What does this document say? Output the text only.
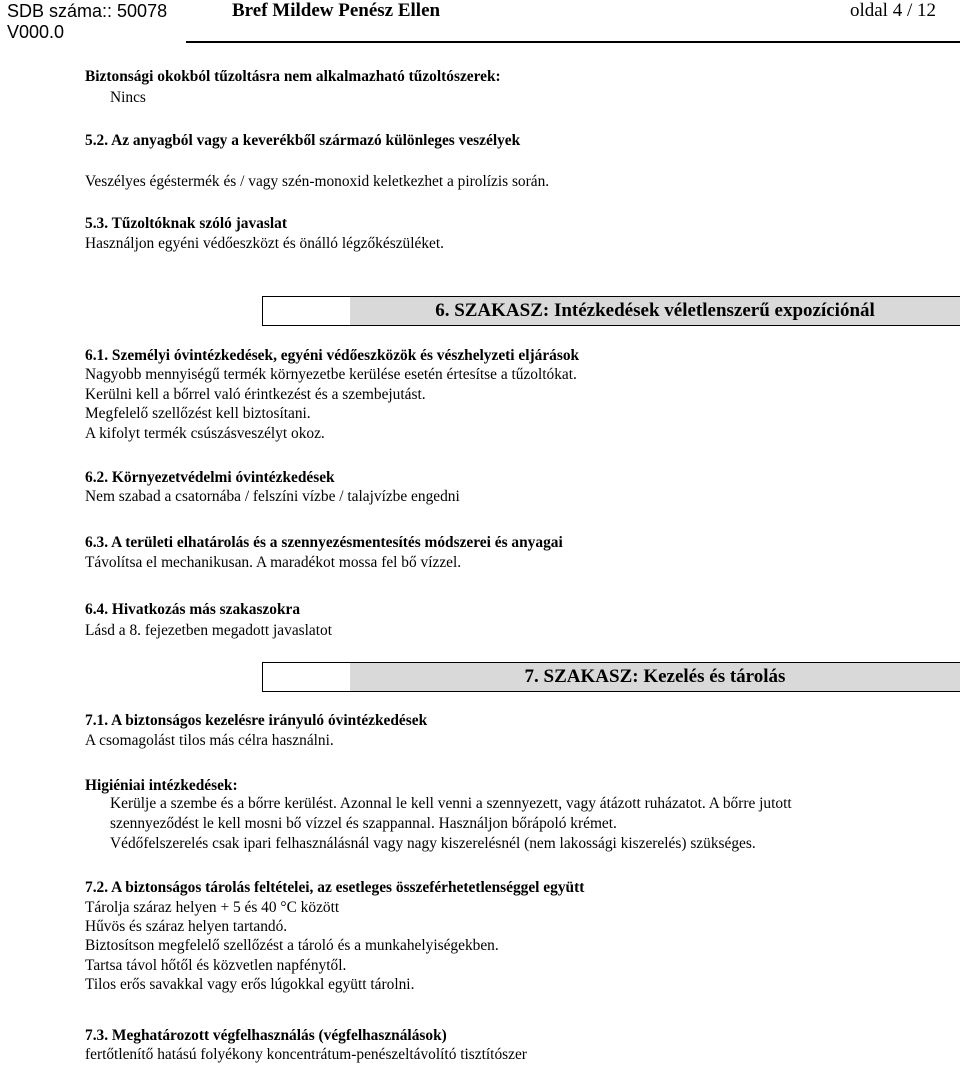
SDB száma:: 50078
V000.0
Bref Mildew Penész Ellen	oldal 4 / 12
Biztonsági okokból tűzoltásra nem alkalmazható tűzoltószerek:
Nincs
5.2. Az anyagból vagy a keverékből származó különleges veszélyek
Veszélyes égéstermék és / vagy szén-monoxid keletkezhet a pirolízis során.
5.3. Tűzoltóknak szóló javaslat
Használjon egyéni védőeszközt és önálló légzőkészüléket.
6. SZAKASZ: Intézkedések véletlenszerű expozíciónál
6.1. Személyi óvintézkedések, egyéni védőeszközök és vészhelyzeti eljárások
Nagyobb mennyiségű termék környezetbe kerülése esetén értesítse a tűzoltókat.
Kerülni kell a bőrrel való érintkezést és a szembejutást.
Megfelelő szellőzést kell biztosítani.
A kifolyt termék csúszásveszélyt okoz.
6.2. Környezetvédelmi óvintézkedések
Nem szabad a csatornába / felszíni vízbe / talajvízbe engedni
6.3. A területi elhatárolás és a szennyezésmentesítés módszerei és anyagai
Távolítsa el mechanikusan. A maradékot mossa fel bő vízzel.
6.4. Hivatkozás más szakaszokra
Lásd a 8. fejezetben megadott javaslatot
7. SZAKASZ: Kezelés és tárolás
7.1. A biztonságos kezelésre irányuló óvintézkedések
A csomagolást tilos más célra használni.
Higiéniai intézkedések:
Kerülje a szembe és a bőrre kerülést. Azonnal le kell venni a szennyezett, vagy átázott ruházatot. A bőrre jutott
szennyeződést le kell mosni bő vízzel és szappannal. Használjon bőrápoló krémet.
Védőfelszerelés csak ipari felhasználásnál vagy nagy kiszerelésnél (nem lakossági kiszerelés) szükséges.
7.2. A biztonságos tárolás feltételei, az esetleges összeférhetetlenséggel együtt
Tárolja száraz helyen + 5 és 40 °C között
Hűvös és száraz helyen tartandó.
Biztosítson megfelelő szellőzést a tároló és a munkahelyiségekben.
Tartsa távol hőtől és közvetlen napfénytől.
Tilos erős savakkal vagy erős lúgokkal együtt tárolni.
7.3. Meghatározott végfelhasználás (végfelhasználások)
fertőtlenítő hatású folyékony koncentrátum-penészeltávolító tisztítószer
